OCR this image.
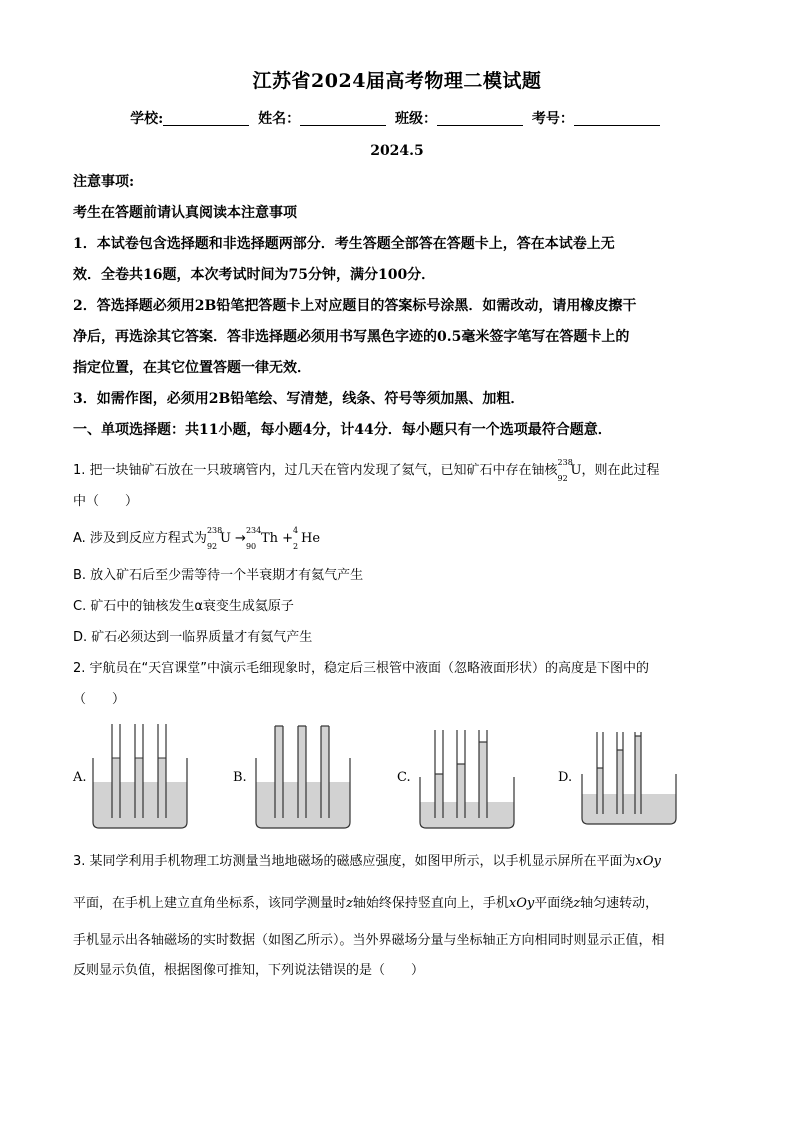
江苏省2024届高考物理二模试题
学校:	姓名：	班级：	考号：
2024.5
注意事项:
考生在答题前请认真阅读本注意事项
1．本试卷包含选择题和非选择题两部分．考生答题全部答在答题卡上，答在本试卷上无
效．全卷共16题，本次考试时间为75分钟，满分100分．
2．答选择题必须用2B铅笔把答题卡上对应题目的答案标号涂黑．如需改动，请用橡皮擦干
净后，再选涂其它答案．答非选择题必须用书写黑色字迹的0.5毫米签字笔写在答题卡上的
指定位置，在其它位置答题一律无效．
3．如需作图，必须用2B铅笔绘、写清楚，线条、符号等须加黑、加粗．
一、单项选择题：共11小题，每小题4分，计44分．每小题只有一个选项最符合题意．
1. 把一块铀矿石放在一只玻璃管内，过几天在管内发现了氦气，已知矿石中存在铀核
238
92
U，则在此过程
中（　　）
A. 涉及到反应方程式为
238
92
U →
234
90
Th +
4
2
He
B. 放入矿石后至少需等待一个半衰期才有氦气产生
C. 矿石中的铀核发生α衰变生成氦原子
D. 矿石必须达到一临界质量才有氦气产生
2. 宇航员在“天宫课堂”中演示毛细现象时，稳定后三根管中液面（忽略液面形状）的高度是下图中的
（　　）
A.	B.	C.	D.
3. 某同学利用手机物理工坊测量当地地磁场的磁感应强度，如图甲所示，以手机显示屏所在平面为xOy
平面，在手机上建立直角坐标系，该同学测量时z轴始终保持竖直向上，手机xOy平面绕z轴匀速转动，
手机显示出各轴磁场的实时数据（如图乙所示）。当外界磁场分量与坐标轴正方向相同时则显示正值，相
反则显示负值，根据图像可推知，下列说法错误的是（　　）
